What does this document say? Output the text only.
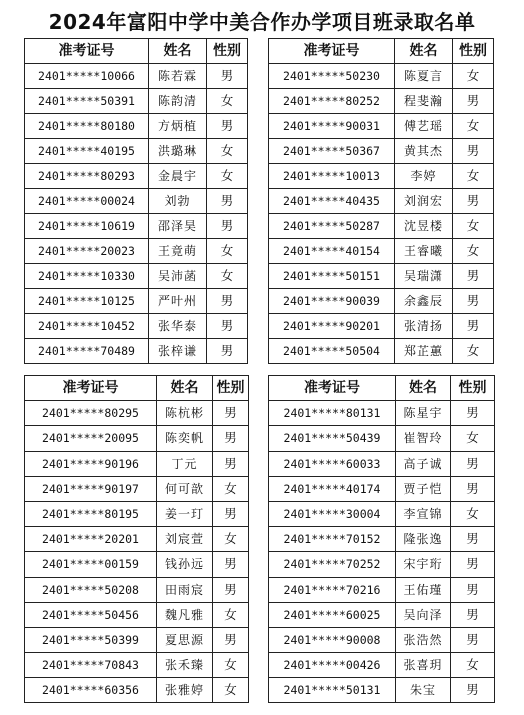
2024年富阳中学中美合作办学项目班录取名单
准考证号	姓名	性别
2401*****10066	陈若霖	男
2401*****50391	陈韵清	女
2401*****80180	方炳植	男
2401*****40195	洪璐琳	女
2401*****80293	金晨宇	女
2401*****00024	刘勃	男
2401*****10619	邵泽昊	男
2401*****20023	王竟萌	女
2401*****10330	吴沛菡	女
2401*****10125	严叶州	男
2401*****10452	张华泰	男
2401*****70489	张梓谦	男
准考证号	姓名	性别
2401*****50230	陈夏言	女
2401*****80252	程斐瀚	男
2401*****90031	傅艺瑶	女
2401*****50367	黄其杰	男
2401*****10013	李婷	女
2401*****40435	刘润宏	男
2401*****50287	沈昱楼	女
2401*****40154	王睿曦	女
2401*****50151	吴瑞潇	男
2401*****90039	余鑫辰	男
2401*****90201	张清扬	男
2401*****50504	郑芷蕙	女
准考证号	姓名	性别
2401*****80295	陈杭彬	男
2401*****20095	陈奕帆	男
2401*****90196	丁元	男
2401*****90197	何可歆	女
2401*****80195	姜一玎	男
2401*****20201	刘宸萱	女
2401*****00159	钱孙远	男
2401*****50208	田雨宸	男
2401*****50456	魏凡雅	女
2401*****50399	夏思源	男
2401*****70843	张禾臻	女
2401*****60356	张雅婷	女
准考证号	姓名	性别
2401*****80131	陈星宇	男
2401*****50439	崔智玲	女
2401*****60033	高子诚	男
2401*****40174	贾子恺	男
2401*****30004	李宣锦	女
2401*****70152	隆张逸	男
2401*****70252	宋宇珩	男
2401*****70216	王佑瑾	男
2401*****60025	吴向泽	男
2401*****90008	张浩然	男
2401*****00426	张喜玥	女
2401*****50131	朱宝	男
